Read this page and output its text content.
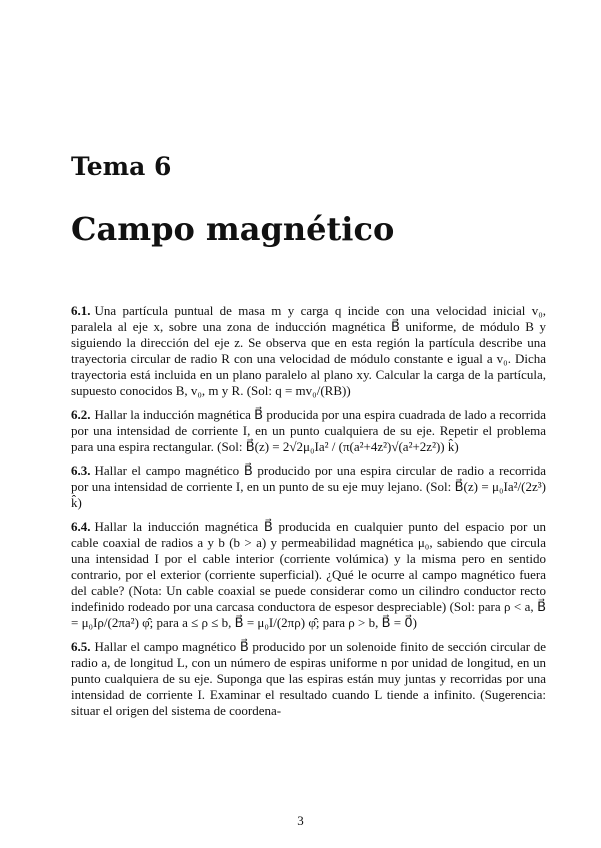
Tema 6
Campo magnético

6.1. Una partícula puntual de masa m y carga q incide con una velocidad inicial v₀, paralela al eje x, sobre una zona de inducción magnética B⃗ uniforme, de módulo B y siguiendo la dirección del eje z. Se observa que en esta región la partícula describe una trayectoria circular de radio R con una velocidad de módulo constante e igual a v₀. Dicha trayectoria está incluida en un plano paralelo al plano xy. Calcular la carga de la partícula, supuesto conocidos B, v₀, m y R. (Sol: q = mv₀/(RB))

6.2. Hallar la inducción magnética B⃗ producida por una espira cuadrada de lado a recorrida por una intensidad de corriente I, en un punto cualquiera de su eje. Repetir el problema para una espira rectangular. (Sol: B⃗(z) = 2√2μ₀Ia² / (π(a²+4z²)√(a²+2z²)) k̂)

6.3. Hallar el campo magnético B⃗ producido por una espira circular de radio a recorrida por una intensidad de corriente I, en un punto de su eje muy lejano. (Sol: B⃗(z) = μ₀Ia²/(2z³) k̂)

6.4. Hallar la inducción magnética B⃗ producida en cualquier punto del espacio por un cable coaxial de radios a y b (b > a) y permeabilidad magnética μ₀, sabiendo que circula una intensidad I por el cable interior (corriente volúmica) y la misma pero en sentido contrario, por el exterior (corriente superficial). ¿Qué le ocurre al campo magnético fuera del cable? (Nota: Un cable coaxial se puede considerar como un cilindro conductor recto indefinido rodeado por una carcasa conductora de espesor despreciable) (Sol: para ρ < a, B⃗ = μ₀Iρ/(2πa²) φ̂; para a ≤ ρ ≤ b, B⃗ = μ₀I/(2πρ) φ̂; para ρ > b, B⃗ = 0⃗)

6.5. Hallar el campo magnético B⃗ producido por un solenoide finito de sección circular de radio a, de longitud L, con un número de espiras uniforme n por unidad de longitud, en un punto cualquiera de su eje. Suponga que las espiras están muy juntas y recorridas por una intensidad de corriente I. Examinar el resultado cuando L tiende a infinito. (Sugerencia: situar el origen del sistema de coordena-

3
